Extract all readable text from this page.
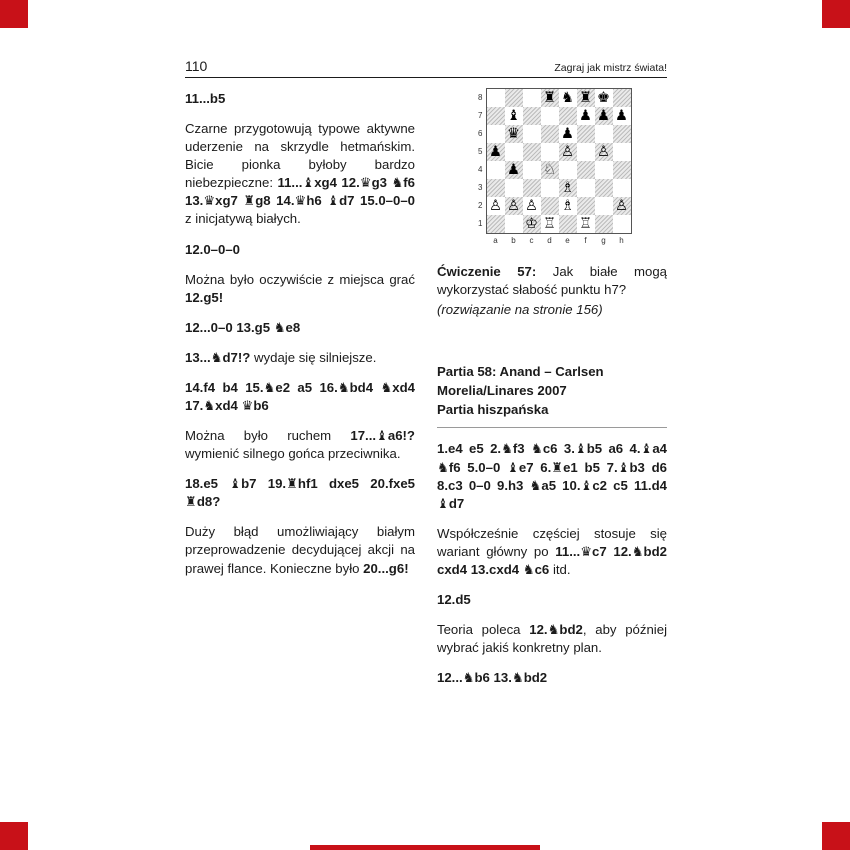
110	Zagraj jak mistrz świata!

11...b5

Czarne przygotowują typowe aktywne uderzenie na skrzydle hetmańskim. Bicie pionka byłoby bardzo niebezpieczne: 11...♝xg4 12.♛g3 ♞f6 13.♛xg7 ♜g8 14.♛h6 ♝d7 15.0–0–0 z inicjatywą białych.

12.0–0–0

Można było oczywiście z miejsca grać 12.g5!

12...0–0 13.g5 ♞e8

13...♞d7!? wydaje się silniejsze.

14.f4 b4 15.♞e2 a5 16.♞bd4 ♞xd4 17.♞xd4 ♛b6

Można było ruchem 17...♝a6!? wymienić silnego gońca przeciwnika.

18.e5 ♝b7 19.♜hf1 dxe5 20.fxe5 ♜d8?

Duży błąd umożliwiający białym przeprowadzenie decydującej akcji na prawej flance. Konieczne było 20...g6!

8
7
6
5
4
3
2
1
♜ ♞ ♜ ♚
♝	♟ ♟ ♟
♛	♟
♟	♙ ♙
♟ ♘
♗
♙ ♙ ♙ ♗	♙
♔ ♖ ♖
a	b	c	d	e	f	g	h

Ćwiczenie 57: Jak białe mogą wykorzystać słabość punktu h7?

(rozwiązanie na stronie 156)

Partia 58: Anand – Carlsen
Morelia/Linares 2007
Partia hiszpańska

1.e4 e5 2.♞f3 ♞c6 3.♝b5 a6 4.♝a4 ♞f6 5.0–0 ♝e7 6.♜e1 b5 7.♝b3 d6 8.c3 0–0 9.h3 ♞a5 10.♝c2 c5 11.d4 ♝d7

Współcześnie częściej stosuje się wariant główny po 11...♛c7 12.♞bd2 cxd4 13.cxd4 ♞c6 itd.

12.d5

Teoria poleca 12.♞bd2, aby później wybrać jakiś konkretny plan.

12...♞b6 13.♞bd2
